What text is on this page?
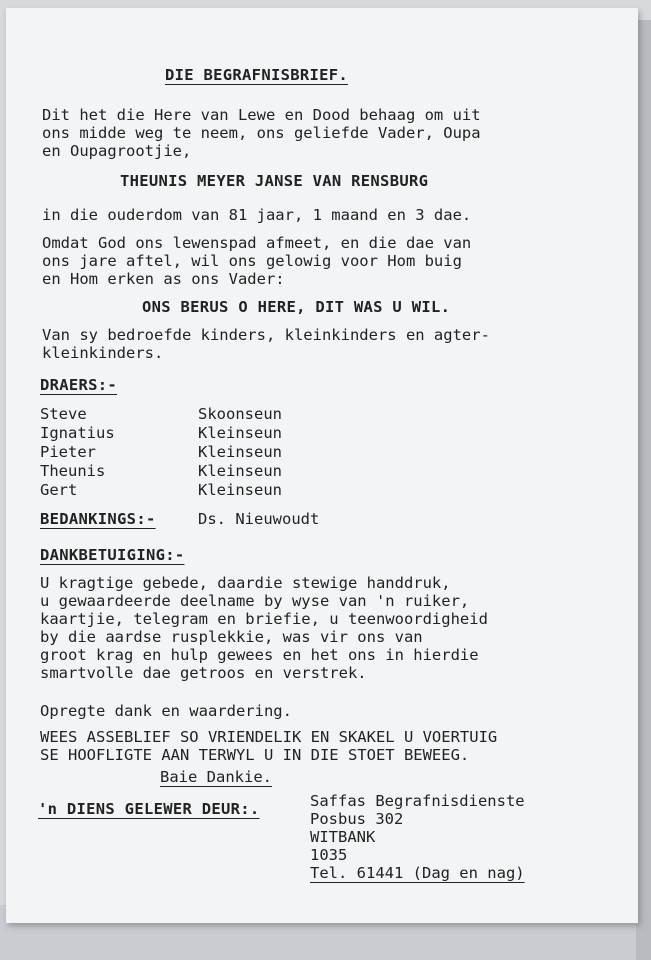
DIE BEGRAFNISBRIEF.

Dit het die Here van Lewe en Dood behaag om uit

ons midde weg te neem, ons geliefde Vader, Oupa

en Oupagrootjie,

THEUNIS MEYER JANSE VAN RENSBURG

in die ouderdom van 81 jaar, 1 maand en 3 dae.

Omdat God ons lewenspad afmeet, en die dae van

ons jare aftel, wil ons gelowig voor Hom buig

en Hom erken as ons Vader:

ONS BERUS O HERE, DIT WAS U WIL.

Van sy bedroefde kinders, kleinkinders en agter-

kleinkinders.

DRAERS:-

Steve	Skoonseun

Ignatius	Kleinseun

Pieter	Kleinseun

Theunis	Kleinseun

Gert	Kleinseun

BEDANKINGS:-	Ds. Nieuwoudt

DANKBETUIGING:-

U kragtige gebede, daardie stewige handdruk,

u gewaardeerde deelname by wyse van 'n ruiker,

kaartjie, telegram en briefie, u teenwoordigheid

by die aardse rusplekkie, was vir ons van

groot krag en hulp gewees en het ons in hierdie

smartvolle dae getroos en verstrek.

Opregte dank en waardering.

WEES ASSEBLIEF SO VRIENDELIK EN SKAKEL U VOERTUIG

SE HOOFLIGTE AAN TERWYL U IN DIE STOET BEWEEG.

Baie Dankie.

'n DIENS GELEWER DEUR:.	Saffas Begrafnisdienste

Posbus 302

WITBANK

1035

Tel. 61441 (Dag en nag)
